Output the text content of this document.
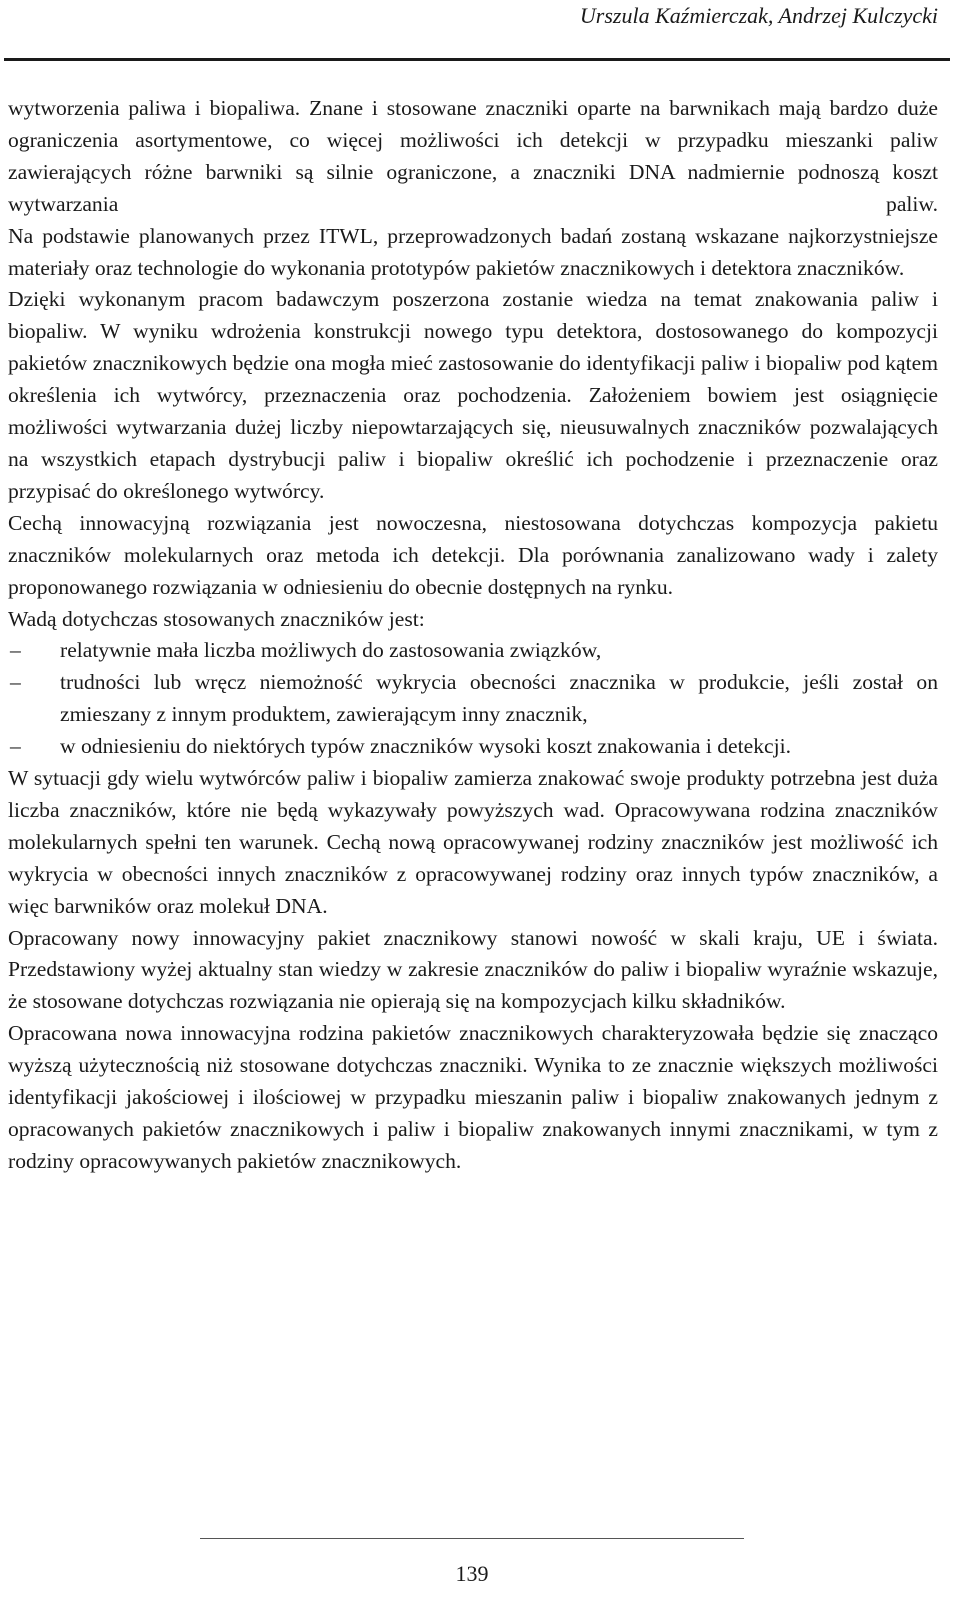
Urszula Kaźmierczak, Andrzej Kulczycki

wytworzenia paliwa i biopaliwa. Znane i stosowane znaczniki oparte na barwnikach mają bardzo duże ograniczenia asortymentowe, co więcej możliwości ich detekcji w przypadku mieszanki paliw zawierających różne barwniki są silnie ograniczone, a znaczniki DNA nadmiernie podnoszą koszt wytwarzania paliw.

Na podstawie planowanych przez ITWL, przeprowadzonych badań zostaną wskazane najkorzystniejsze materiały oraz technologie do wykonania prototypów pakietów znacznikowych i detektora znaczników.

Dzięki wykonanym pracom badawczym poszerzona zostanie wiedza na temat znakowania paliw i biopaliw. W wyniku wdrożenia konstrukcji nowego typu detektora, dostosowanego do kompozycji pakietów znacznikowych będzie ona mogła mieć zastosowanie do identyfikacji paliw i biopaliw pod kątem określenia ich wytwórcy, przeznaczenia oraz pochodzenia. Założeniem bowiem jest osiągnięcie możliwości wytwarzania dużej liczby niepowtarzających się, nieusuwalnych znaczników pozwalających na wszystkich etapach dystrybucji paliw i biopaliw określić ich pochodzenie i przeznaczenie oraz przypisać do określonego wytwórcy.

Cechą innowacyjną rozwiązania jest nowoczesna, niestosowana dotychczas kompozycja pakietu znaczników molekularnych oraz metoda ich detekcji. Dla porównania zanalizowano wady i zalety proponowanego rozwiązania w odniesieniu do obecnie dostępnych na rynku.

Wadą dotychczas stosowanych znaczników jest:

–	relatywnie mała liczba możliwych do zastosowania związków,
–	trudności lub wręcz niemożność wykrycia obecności znacznika w produkcie, jeśli został on zmieszany z innym produktem, zawierającym inny znacznik,
–	w odniesieniu do niektórych typów znaczników wysoki koszt znakowania i detekcji.

W sytuacji gdy wielu wytwórców paliw i biopaliw zamierza znakować swoje produkty potrzebna jest duża liczba znaczników, które nie będą wykazywały powyższych wad. Opracowywana rodzina znaczników molekularnych spełni ten warunek. Cechą nową opracowywanej rodziny znaczników jest możliwość ich wykrycia w obecności innych znaczników z opracowywanej rodziny oraz innych typów znaczników, a więc barwników oraz molekuł DNA.

Opracowany nowy innowacyjny pakiet znacznikowy stanowi nowość w skali kraju, UE i świata. Przedstawiony wyżej aktualny stan wiedzy w zakresie znaczników do paliw i biopaliw wyraźnie wskazuje, że stosowane dotychczas rozwiązania nie opierają się na kompozycjach kilku składników.

Opracowana nowa innowacyjna rodzina pakietów znacznikowych charakteryzowała będzie się znacząco wyższą użytecznością niż stosowane dotychczas znaczniki. Wynika to ze znacznie większych możliwości identyfikacji jakościowej i ilościowej w przypadku mieszanin paliw i biopaliw znakowanych jednym z opracowanych pakietów znacznikowych i paliw i biopaliw znakowanych innymi znacznikami, w tym z rodziny opracowywanych pakietów znacznikowych.

139
